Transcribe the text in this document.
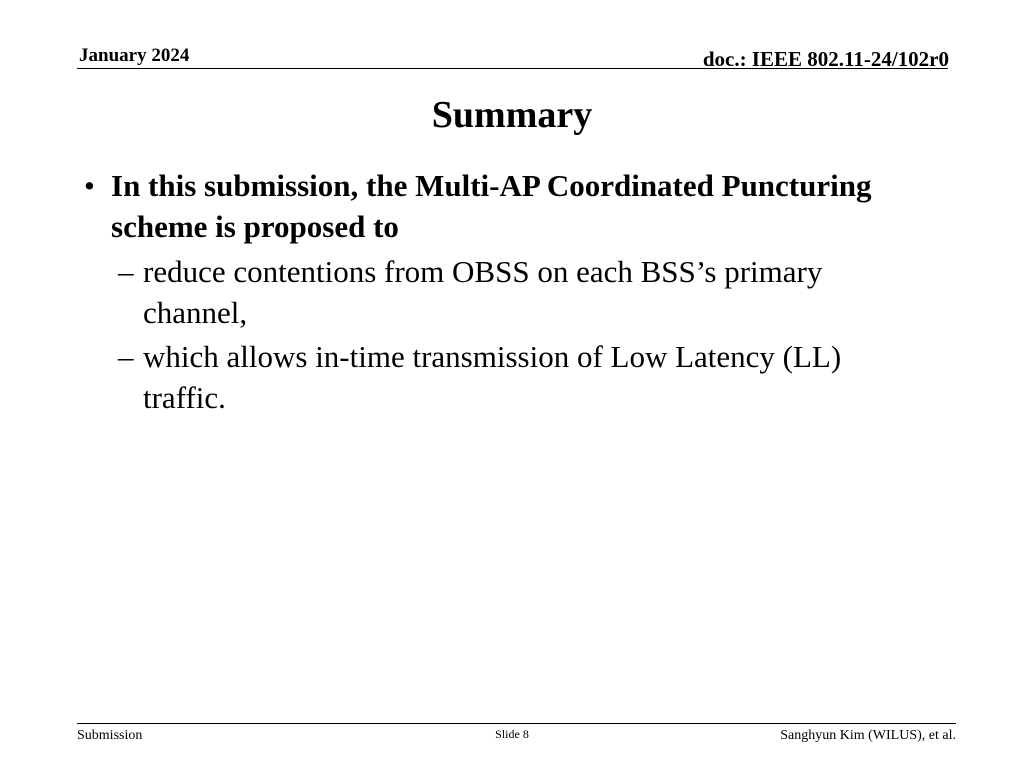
January 2024	doc.: IEEE 802.11-24/102r0
Summary
• In this submission, the Multi-AP Coordinated Puncturing scheme is proposed to
– reduce contentions from OBSS on each BSS’s primary channel,
– which allows in-time transmission of Low Latency (LL) traffic.
Submission	Slide 8	Sanghyun Kim (WILUS), et al.
